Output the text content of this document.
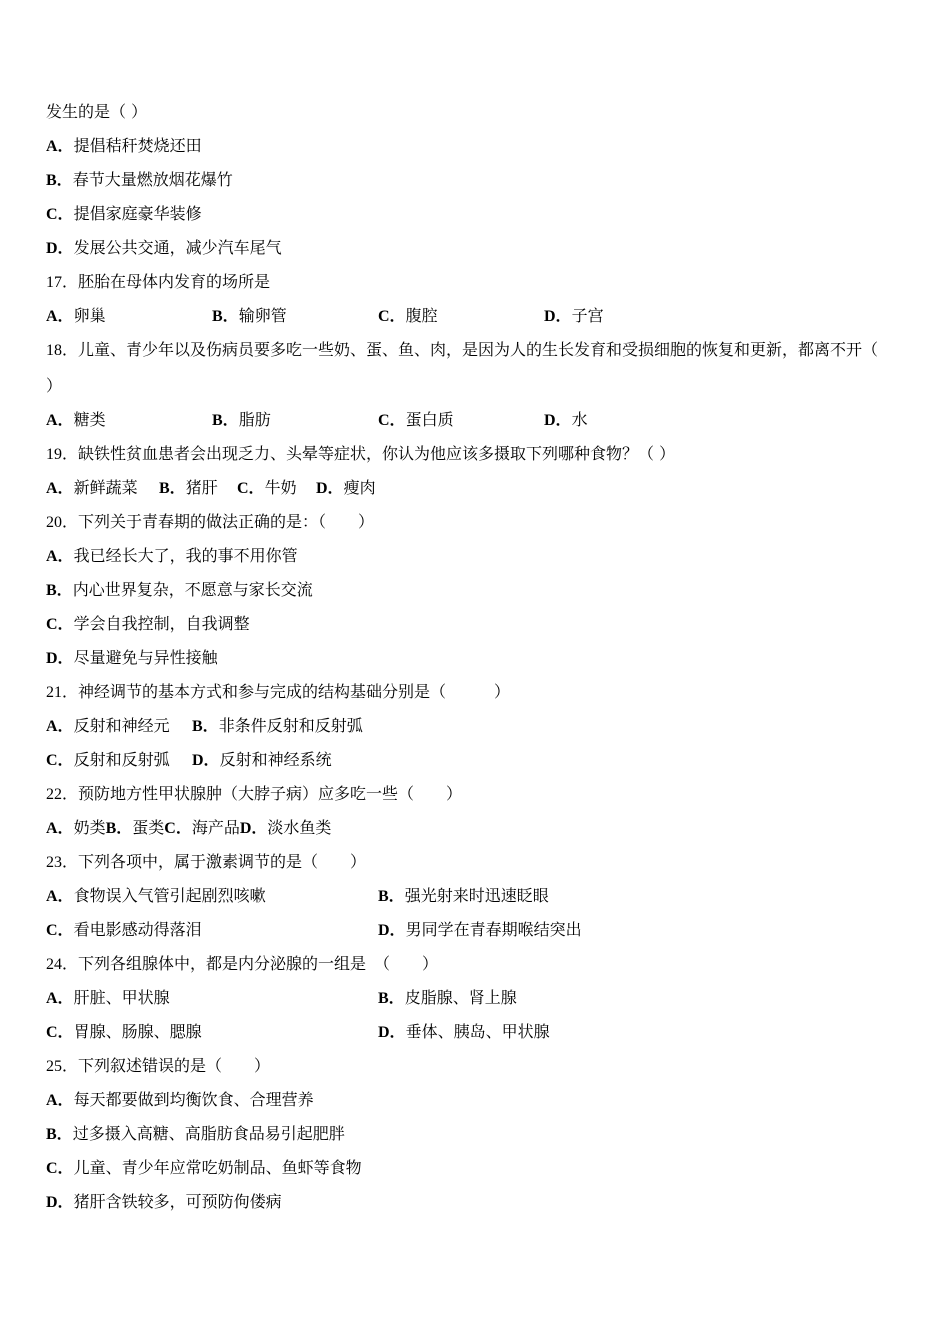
发生的是（ ）
A．提倡秸秆焚烧还田
B．春节大量燃放烟花爆竹
C．提倡家庭豪华装修
D．发展公共交通，减少汽车尾气
17．胚胎在母体内发育的场所是
A．卵巢	B．输卵管	C．腹腔	D．子宫
18．儿童、青少年以及伤病员要多吃一些奶、蛋、鱼、肉，是因为人的生长发育和受损细胞的恢复和更新，都离不开（
）
A．糖类	B．脂肪	C．蛋白质	D．水
19．缺铁性贫血患者会出现乏力、头晕等症状，你认为他应该多摄取下列哪种食物？（ ）
A．新鲜蔬菜 B．猪肝 C．牛奶 D．瘦肉
20．下列关于青春期的做法正确的是：（　　）
A．我已经长大了，我的事不用你管
B．内心世界复杂，不愿意与家长交流
C．学会自我控制，自我调整
D．尽量避免与异性接触
21．神经调节的基本方式和参与完成的结构基础分别是（　　　）
A．反射和神经元 B．非条件反射和反射弧
C．反射和反射弧 D．反射和神经系统
22．预防地方性甲状腺肿（大脖子病）应多吃一些（　　）
A．奶类B．蛋类C．海产品D．淡水鱼类
23．下列各项中，属于激素调节的是（　　）
A．食物误入气管引起剧烈咳嗽	B．强光射来时迅速眨眼
C．看电影感动得落泪	D．男同学在青春期喉结突出
24．下列各组腺体中，都是内分泌腺的一组是　（　　）
A．肝脏、甲状腺	B．皮脂腺、肾上腺
C．胃腺、肠腺、腮腺	D．垂体、胰岛、甲状腺
25．下列叙述错误的是（　　）
A．每天都要做到均衡饮食、合理营养
B．过多摄入高糖、高脂肪食品易引起肥胖
C．儿童、青少年应常吃奶制品、鱼虾等食物
D．猪肝含铁较多，可预防佝偻病
